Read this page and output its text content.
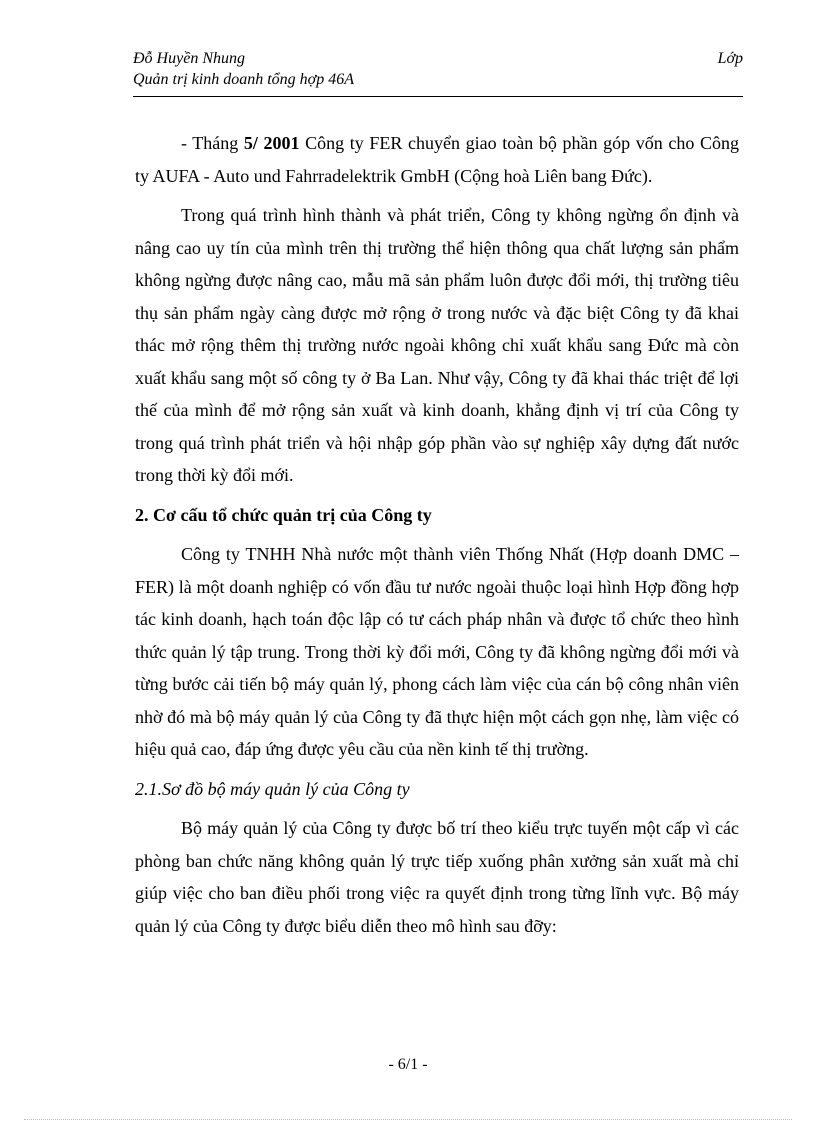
Đỗ Huyền Nhung
Quản trị kinh doanh tổng hợp 46A
Lớp

- Tháng 5/ 2001 Công ty FER chuyển giao toàn bộ phần góp vốn cho Công ty AUFA - Auto und Fahrradelektrik GmbH (Cộng hoà Liên bang Đức).

Trong quá trình hình thành và phát triển, Công ty không ngừng ổn định và nâng cao uy tín của mình trên thị trường thể hiện thông qua chất lượng sản phẩm không ngừng được nâng cao, mẫu mã sản phẩm luôn được đổi mới, thị trường tiêu thụ sản phẩm ngày càng được mở rộng ở trong nước và đặc biệt Công ty đã khai thác mở rộng thêm thị trường nước ngoài không chỉ xuất khẩu sang Đức mà còn xuất khẩu sang một số công ty ở Ba Lan. Như vậy, Công ty đã khai thác triệt để lợi thế của mình để mở rộng sản xuất và kinh doanh, khẳng định vị trí của Công ty trong quá trình phát triển và hội nhập góp phần vào sự nghiệp xây dựng đất nước trong thời kỳ đổi mới.

2. Cơ cấu tổ chức quản trị của Công ty

Công ty TNHH Nhà nước một thành viên Thống Nhất (Hợp doanh DMC – FER) là một doanh nghiệp có vốn đầu tư nước ngoài thuộc loại hình Hợp đồng hợp tác kinh doanh, hạch toán độc lập có tư cách pháp nhân và được tổ chức theo hình thức quản lý tập trung. Trong thời kỳ đổi mới, Công ty đã không ngừng đổi mới và từng bước cải tiến bộ máy quản lý, phong cách làm việc của cán bộ công nhân viên nhờ đó mà bộ máy quản lý của Công ty đã thực hiện một cách gọn nhẹ, làm việc có hiệu quả cao, đáp ứng được yêu cầu của nền kinh tế thị trường.

2.1.Sơ đồ bộ máy quản lý của Công ty

Bộ máy quản lý của Công ty được bố trí theo kiểu trực tuyến một cấp vì các phòng ban chức năng không quản lý trực tiếp xuống phân xưởng sản xuất mà chỉ giúp việc cho ban điều phối trong việc ra quyết định trong từng lĩnh vực. Bộ máy quản lý của Công ty được biểu diễn theo mô hình sau đỡy:

- 6/1 -
